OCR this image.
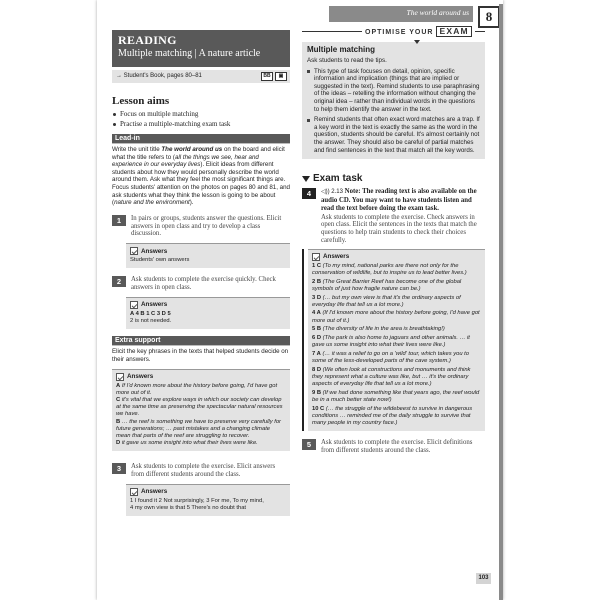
The world around us	8
READING
Multiple matching | A nature article
→ Student's Book, pages 80–81	BB	▣
Lesson aims
Focus on multiple matching
Practise a multiple-matching exam task
Lead-in
Write the unit title The world around us on the board and elicit what the title refers to (all the things we see, hear and experience in our everyday lives). Elicit ideas from different students about how they would personally describe the world around them. Ask what they feel the most significant things are. Focus students' attention on the photos on pages 80 and 81, and ask students what they think the lesson is going to be about (nature and the environment).
1	In pairs or groups, students answer the questions. Elicit answers in open class and try to develop a class discussion.
Answers
Students' own answers
2	Ask students to complete the exercise quickly. Check answers in open class.
Answers
A 4 B 1 C 3 D 5
2 is not needed.
Extra support
Elicit the key phrases in the texts that helped students decide on their answers.
Answers
A If I'd known more about the history before going, I'd have got more out of it.
C it's vital that we explore ways in which our society can develop at the same time as preserving the spectacular natural resources we have.
B … the reef is something we have to preserve very carefully for future generations; … past mistakes and a changing climate mean that parts of the reef are struggling to recover.
D it gave us some insight into what their lives were like.
3	Ask students to complete the exercise. Elicit answers from different students around the class.
Answers
1 I found it 2 Not surprisingly, 3 For me, To my mind,
4 my own view is that 5 There's no doubt that
OPTIMISE YOUR EXAM
Multiple matching

Ask students to read the tips.

This type of task focuses on detail, opinion, specific information and implication (things that are implied or suggested in the text). Remind students to use paraphrasing of the ideas – retelling the information without changing the original idea – rather than individual words in the questions to help them identify the answer in the text.
Remind students that often exact word matches are a trap. If a key word in the text is exactly the same as the word in the question, students should be careful. It's almost certainly not the answer. They should also be careful of partial matches and find sentences in the text that match all the key words.
Exam task
4	◁)) 2.13 Note: The reading text is also available on the audio CD. You may want to have students listen and read the text before doing the exam task.
Ask students to complete the exercise. Check answers in open class. Elicit the sentences in the texts that match the questions to help train students to check their choices carefully.
Answers
1 C (To my mind, national parks are there not only for the conservation of wildlife, but to inspire us to lead better lives.)
2 B (The Great Barrier Reef has become one of the global symbols of just how fragile nature can be.)
3 D (… but my own view is that it's the ordinary aspects of everyday life that tell us a lot more.)
4 A (If I'd known more about the history before going, I'd have got more out of it.)
5 B (The diversity of life in the area is breathtaking!)
6 D (The park is also home to jaguars and other animals. … it gave us some insight into what their lives were like.)
7 A (… it was a relief to go on a 'wild' tour, which takes you to some of the less-developed parts of the cave system.)
8 D (We often look at constructions and monuments and think they represent what a culture was like, but … it's the ordinary aspects of everyday life that tell us a lot more.)
9 B (If we had done something like that years ago, the reef would be in a much better state now!)
10 C (… the struggle of the wildebeest to survive in dangerous conditions … reminded me of the daily struggle to survive that many people in my country face.)
5	Ask students to complete the exercise. Elicit definitions from different students around the class.
103
